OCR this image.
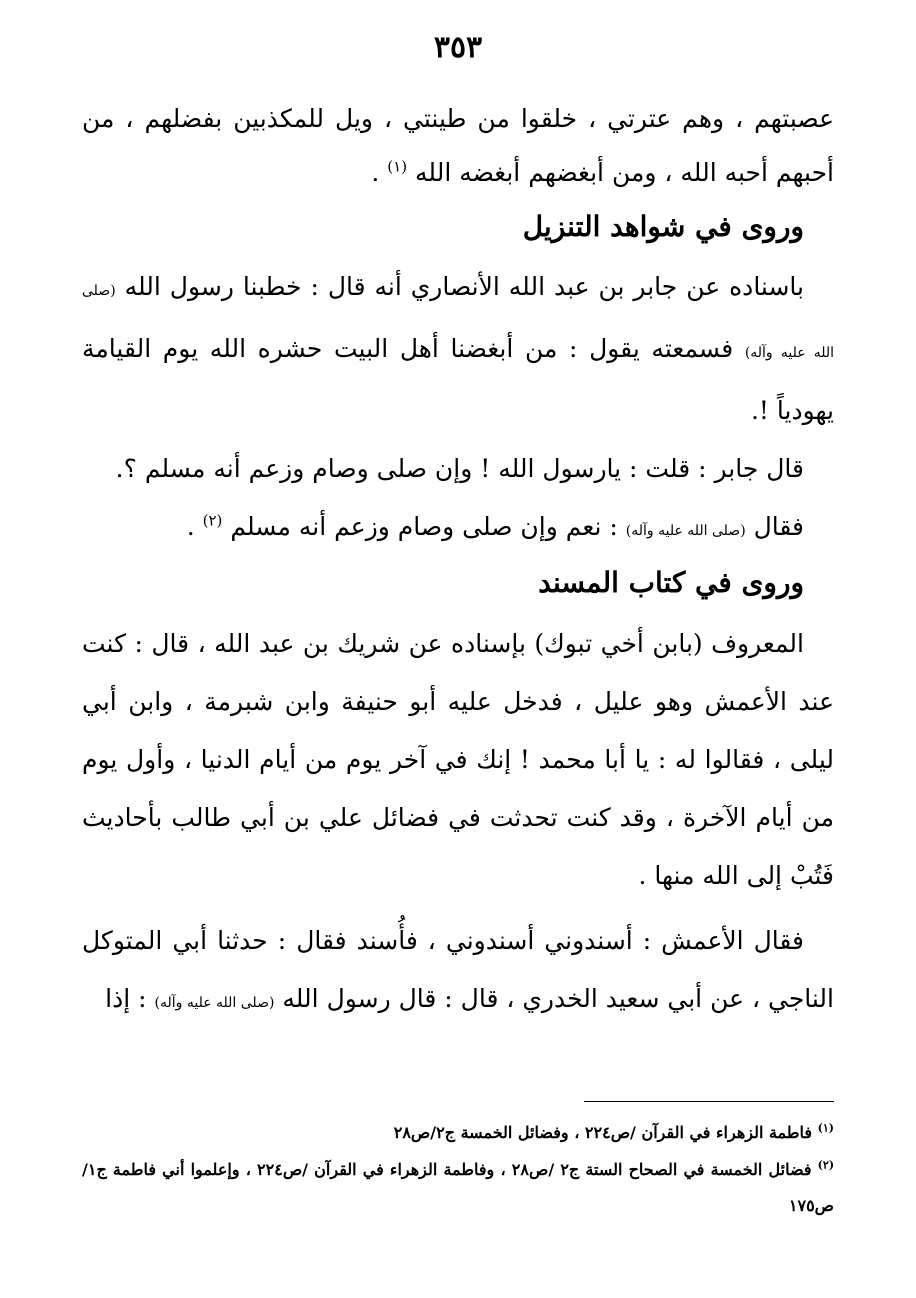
٣٥٣

عصبتهم ، وهم عترتي ، خلقوا من طينتي ، ويل للمكذبين بفضلهم ، من أحبهم أحبه الله ، ومن أبغضهم أبغضه الله $^{(١)}$ .

وروى في شواهد التنزيل

باسناده عن جابر بن عبد الله الأنصاري أنه قال : خطبنا رسول الله (صلى الله عليه وآله) فسمعته يقول : من أبغضنا أهل البيت حشره الله يوم القيامة يهودياً !.

قال جابر : قلت : يارسول الله ! وإن صلى وصام وزعم أنه مسلم ؟.
فقال (صلى الله عليه وآله) : نعم وإن صلى وصام وزعم أنه مسلم $^{(٢)}$ .

وروى في كتاب المسند

المعروف (بابن أخي تبوك) بإسناده عن شريك بن عبد الله ، قال : كنت عند الأعمش وهو عليل ، فدخل عليه أبو حنيفة وابن شبرمة ، وابن أبي ليلى ، فقالوا له : يا أبا محمد ! إنك في آخر يوم من أيام الدنيا ، وأول يوم من أيام الآخرة ، وقد كنت تحدثت في فضائل علي بن أبي طالب بأحاديث فَتُبْ إلى الله منها .

فقال الأعمش : أسندوني أسندوني ، فأُسند فقال : حدثنا أبي المتوكل الناجي ، عن أبي سعيد الخدري ، قال : قال رسول الله (صلى الله عليه وآله) : إذا

$^{(١)}$ فاطمة الزهراء في القرآن /ص٢٢٤ ، وفضائل الخمسة ج٢/ص٢٨

$^{(٢)}$ فضائل الخمسة في الصحاح الستة ج٢ /ص٢٨ ، وفاطمة الزهراء في القرآن /ص٢٢٤ ، وإعلموا أني فاطمة ج١/ص١٧٥
